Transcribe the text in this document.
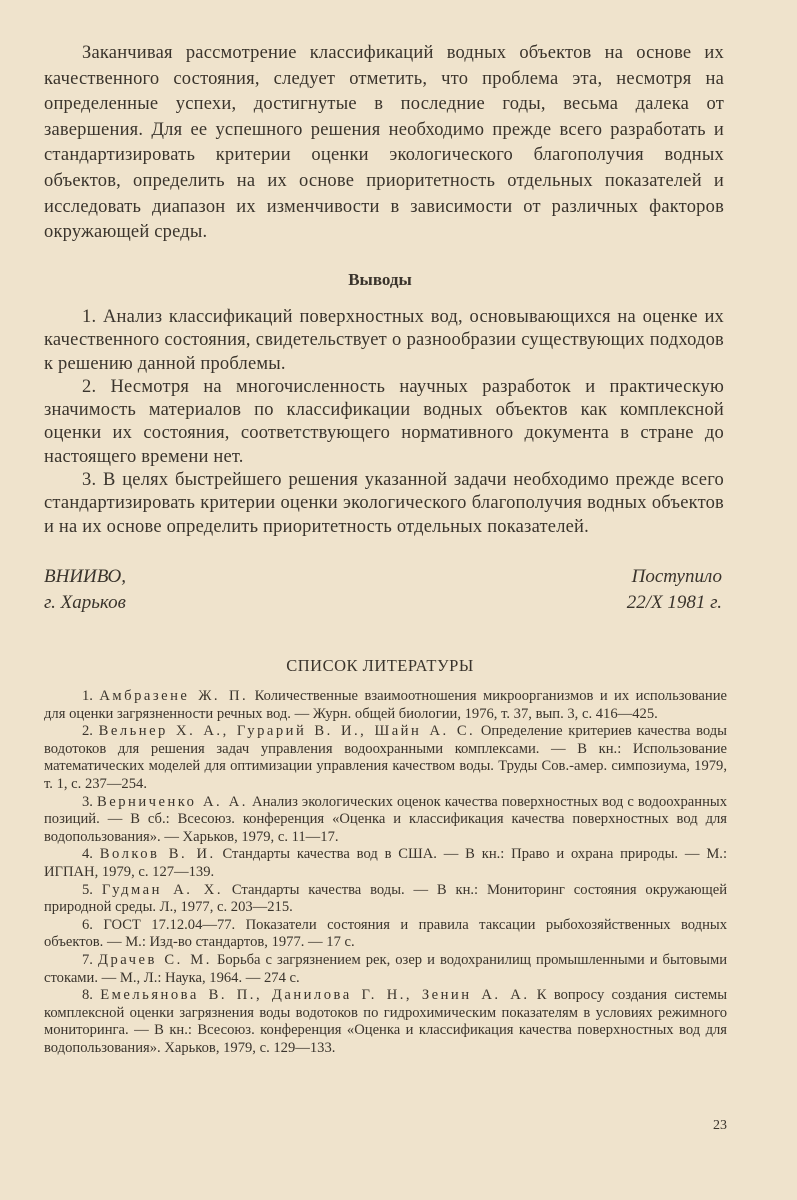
Заканчивая рассмотрение классификаций водных объектов на основе их качественного состояния, следует отметить, что проблема эта, несмотря на определенные успехи, достигнутые в последние годы, весьма далека от завершения. Для ее успешного решения необходимо прежде всего разработать и стандартизировать критерии оценки экологического благополучия водных объектов, определить на их основе приоритетность отдельных показателей и исследовать диапазон их изменчивости в зависимости от различных факторов окружающей среды.

Выводы

1. Анализ классификаций поверхностных вод, основывающихся на оценке их качественного состояния, свидетельствует о разнообразии существующих подходов к решению данной проблемы.

2. Несмотря на многочисленность научных разработок и практическую значимость материалов по классификации водных объектов как комплексной оценки их состояния, соответствующего нормативного документа в стране до настоящего времени нет.

3. В целях быстрейшего решения указанной задачи необходимо прежде всего стандартизировать критерии оценки экологического благополучия водных объектов и на их основе определить приоритетность отдельных показателей.

ВНИИВО,	Поступило
г. Харьков	22/X 1981 г.
СПИСОК ЛИТЕРАТУРЫ

1. Амбразене Ж. П. Количественные взаимоотношения микроорганизмов и их использование для оценки загрязненности речных вод. — Журн. общей биологии, 1976, т. 37, вып. 3, с. 416—425.

2. Вельнер Х. А., Гурарий В. И., Шайн А. С. Определение критериев качества воды водотоков для решения задач управления водоохранными комплексами. — В кн.: Использование математических моделей для оптимизации управления качеством воды. Труды Сов.-амер. симпозиума, 1979, т. 1, с. 237—254.

3. Верниченко А. А. Анализ экологических оценок качества поверхностных вод с водоохранных позиций. — В сб.: Всесоюз. конференция «Оценка и классификация качества поверхностных вод для водопользования». — Харьков, 1979, с. 11—17.

4. Волков В. И. Стандарты качества вод в США. — В кн.: Право и охрана природы. — М.: ИГПАН, 1979, с. 127—139.

5. Гудман А. Х. Стандарты качества воды. — В кн.: Мониторинг состояния окружающей природной среды. Л., 1977, с. 203—215.

6. ГОСТ 17.12.04—77. Показатели состояния и правила таксации рыбохозяйственных водных объектов. — М.: Изд-во стандартов, 1977. — 17 с.

7. Драчев С. М. Борьба с загрязнением рек, озер и водохранилищ промышленными и бытовыми стоками. — М., Л.: Наука, 1964. — 274 с.

8. Емельянова В. П., Данилова Г. Н., Зенин А. А. К вопросу создания системы комплексной оценки загрязнения воды водотоков по гидрохимическим показателям в условиях режимного мониторинга. — В кн.: Всесоюз. конференция «Оценка и классификация качества поверхностных вод для водопользования». Харьков, 1979, с. 129—133.

23
